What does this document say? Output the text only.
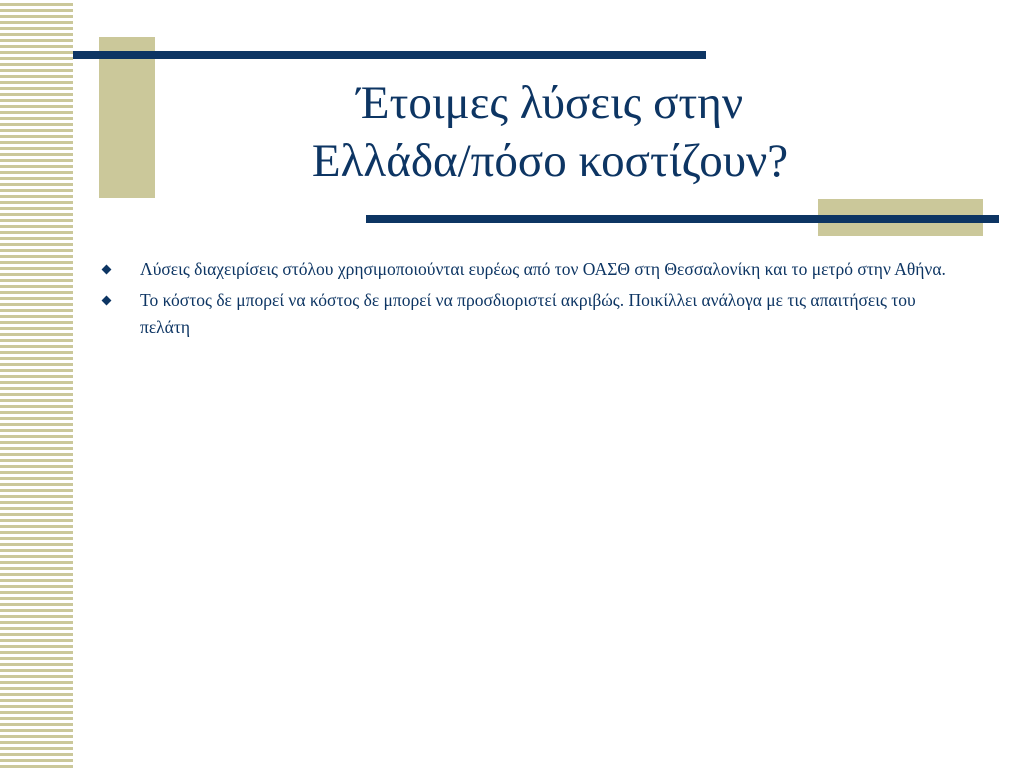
Έτοιμες λύσεις στην
Ελλάδα/πόσο κοστίζουν?
Λύσεις διαχειρίσεις στόλου χρησιμοποιούνται ευρέως από τον ΟΑΣΘ στη Θεσσαλονίκη και το μετρό στην Αθήνα.
Το κόστος δε μπορεί να κόστος δε μπορεί να προσδιοριστεί ακριβώς. Ποικίλλει ανάλογα με τις απαιτήσεις του πελάτη
